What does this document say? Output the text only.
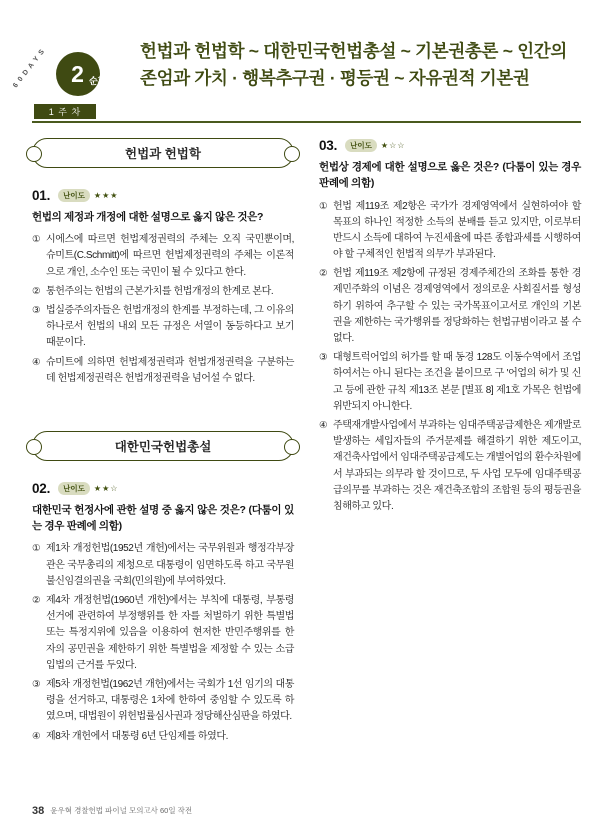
6 0 D A Y S	2 순환
1 주 차
헌법과 헌법학 ~ 대한민국헌법총설 ~ 기본권총론 ~ 인간의 존엄과 가치 · 행복추구권 · 평등권 ~ 자유권적 기본권
헌법과 헌법학
01.	난이도	★★★
헌법의 제정과 개정에 대한 설명으로 옳지 않은 것은?
① 시에스에 따르면 헌법제정권력의 주체는 오직 국민뿐이며, 슈미트(C.Schmitt)에 따르면 헌법제정권력의 주체는 이론적으로 개인, 소수인 또는 국민이 될 수 있다고 한다.
② 통헌주의는 헌법의 근본가치를 헌법개정의 한계로 본다.
③ 법실증주의자들은 헌법개정의 한계를 부정하는데, 그 이유의 하나로서 헌법의 내외 모든 규정은 서열이 동등하다고 보기 때문이다.
④ 슈미트에 의하면 헌법제정권력과 헌법개정권력을 구분하는데 헌법제정권력은 헌법개정권력을 넘어설 수 없다.
대한민국헌법총설
02.	난이도	★★☆
대한민국 헌정사에 관한 설명 중 옳지 않은 것은? (다툼이 있는 경우 판례에 의함)
① 제1차 개정헌법(1952년 개헌)에서는 국무위원과 행정각부장관은 국무총리의 제청으로 대통령이 임면하도록 하고 국무원 불신임결의권을 국회(민의원)에 부여하였다.
② 제4차 개정헌법(1960년 개헌)에서는 부칙에 대통령, 부통령 선거에 관련하여 부정행위를 한 자를 처벌하기 위한 특별법 또는 특정지위에 있음을 이용하여 현저한 반민주행위를 한 자의 공민권을 제한하기 위한 특별법을 제정할 수 있는 소급입법의 근거를 두었다.
③ 제5차 개정헌법(1962년 개헌)에서는 국회가 1선 임기의 대통령을 선거하고, 대통령은 1차에 한하여 중임할 수 있도록 하였으며, 대법원이 위헌법률심사권과 정당해산심판을 하였다.
④ 제8차 개헌에서 대통령 6년 단임제를 하였다.
03.	난이도	★☆☆
헌법상 경제에 대한 설명으로 옳은 것은? (다툼이 있는 경우 판례에 의함)
① 헌법 제119조 제2항은 국가가 경제영역에서 실현하여야 할 목표의 하나인 적정한 소득의 분배를 듣고 있지만, 이로부터 반드시 소득에 대하여 누진세율에 따른 종합과세를 시행하여야 할 구체적인 헌법적 의무가 부과된다.
② 헌법 제119조 제2항에 규정된 경제주체간의 조화를 통한 경제민주화의 이념은 경제영역에서 정의로운 사회질서를 형성하기 위하여 추구할 수 있는 국가목표이고서로 개인의 기본권을 제한하는 국가행위를 정당화하는 헌법규범이라고 볼 수 없다.
③ 대형트럭어업의 허가를 할 때 동경 128도 이동수역에서 조업하여서는 아니 된다는 조건을 붙이므로 구 '어업의 허가 및 신고 등에 관한 규칙 제13조 본문 [별표 8] 제1호 가목은 헌법에 위반되지 아니한다.
④ 주택재개발사업에서 부과하는 임대주택공급제한은 제개발로 발생하는 세입자들의 주거문제를 해결하기 위한 제도이고, 재건축사업에서 임대주택공급제도는 개별어업의 환수차원에서 부과되는 의무라 할 것이므로, 두 사업 모두에 임대주택공급의무를 부과하는 것은 재건축조합의 조합원 등의 평등권을 침해하고 있다.
38 윤우혁 경찰헌법 파이널 모의고사 60일 작전
